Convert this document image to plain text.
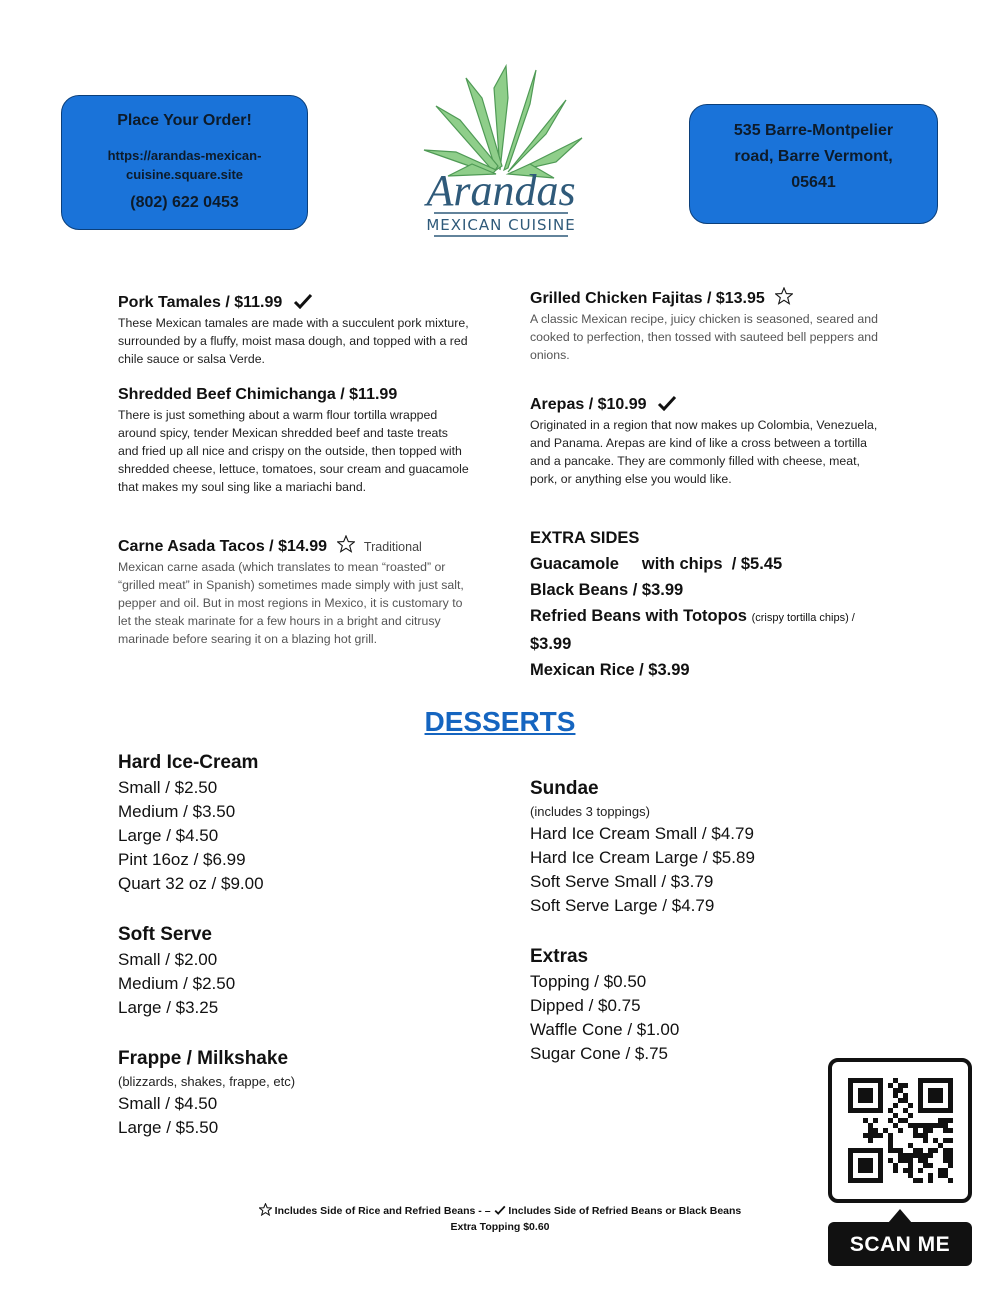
Place Your Order!
https://arandas-mexican-cuisine.square.site
(802) 622 0453	Arandas
MEXICAN CUISINE
535 Barre-Montpelier
road, Barre Vermont,
05641
Pork Tamales / $11.99
These Mexican tamales are made with a succulent pork mixture, surrounded by a fluffy, moist masa dough, and topped with a red chile sauce or salsa Verde.
Shredded Beef Chimichanga / $11.99
There is just something about a warm flour tortilla wrapped around spicy, tender Mexican shredded beef and taste treats and fried up all nice and crispy on the outside, then topped with shredded cheese, lettuce, tomatoes, sour cream and guacamole that makes my soul sing like a mariachi band.
Carne Asada Tacos / $14.99	Traditional
Mexican carne asada (which translates to mean “roasted” or “grilled meat” in Spanish) sometimes made simply with just salt, pepper and oil. But in most regions in Mexico, it is customary to let the steak marinate for a few hours in a bright and citrusy marinade before searing it on a blazing hot grill.
Grilled Chicken Fajitas / $13.95
A classic Mexican recipe, juicy chicken is seasoned, seared and cooked to perfection, then tossed with sauteed bell peppers and onions.
Arepas / $10.99
Originated in a region that now makes up Colombia, Venezuela, and Panama. Arepas are kind of like a cross between a tortilla and a pancake. They are commonly filled with cheese, meat, pork, or anything else you would like.
EXTRA SIDES
Guacamole     with chips  / $5.45
Black Beans / $3.99
Refried Beans with Totopos (crispy tortilla chips) /
$3.99
Mexican Rice / $3.99
DESSERTS
Hard Ice-Cream
Small / $2.50
Medium / $3.50
Large / $4.50
Pint 16oz / $6.99
Quart 32 oz / $9.00
Soft Serve
Small / $2.00
Medium / $2.50
Large / $3.25
Frappe / Milkshake
(blizzards, shakes, frappe, etc)
Small / $4.50
Large / $5.50
Sundae
(includes 3 toppings)
Hard Ice Cream Small / $4.79
Hard Ice Cream Large / $5.89
Soft Serve Small / $3.79
Soft Serve Large / $4.79
Extras
Topping / $0.50
Dipped / $0.75
Waffle Cone / $1.00
Sugar Cone / $.75
SCAN ME
Includes Side of Rice and Refried Beans - – Includes Side of Refried Beans or Black Beans
Extra Topping $0.60
